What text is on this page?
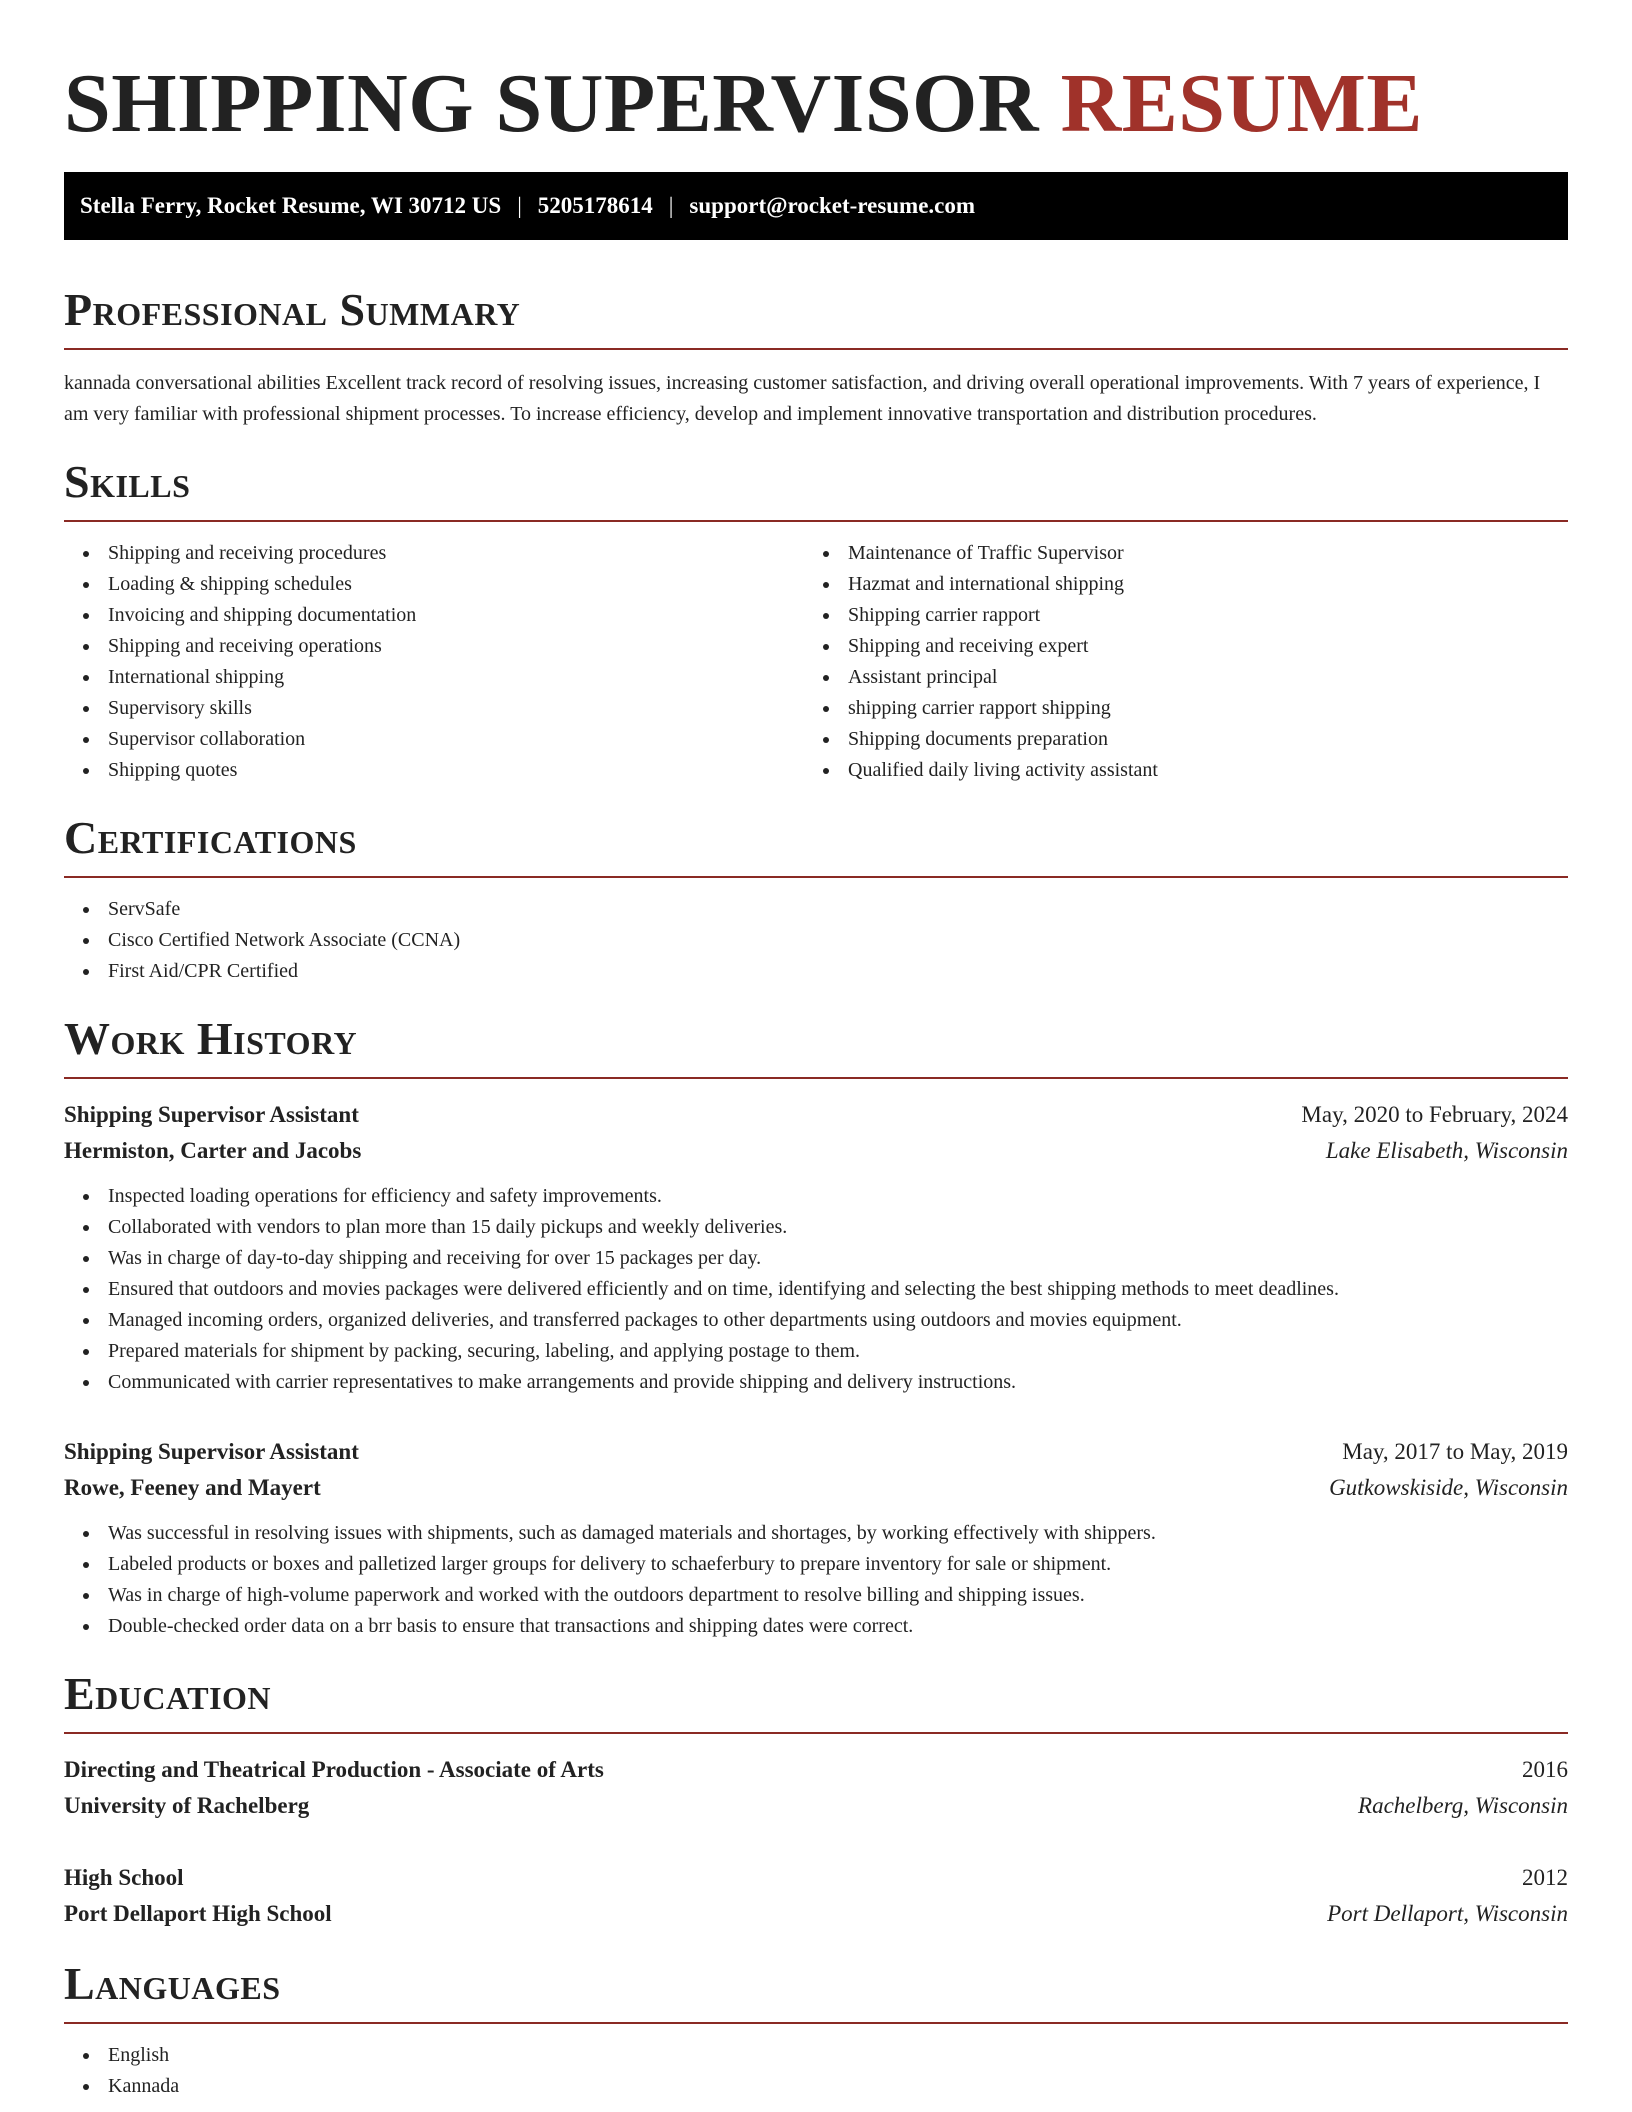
SHIPPING SUPERVISOR RESUME
Stella Ferry, Rocket Resume, WI 30712 US | 5205178614 | support@rocket-resume.com
Professional Summary

kannada conversational abilities Excellent track record of resolving issues, increasing customer satisfaction, and driving overall operational improvements. With 7 years of experience, I am very familiar with professional shipment processes. To increase efficiency, develop and implement innovative transportation and distribution procedures.

Skills
Shipping and receiving procedures
Loading & shipping schedules
Invoicing and shipping documentation
Shipping and receiving operations
International shipping
Supervisory skills
Supervisor collaboration
Shipping quotes
Maintenance of Traffic Supervisor
Hazmat and international shipping
Shipping carrier rapport
Shipping and receiving expert
Assistant principal
shipping carrier rapport shipping
Shipping documents preparation
Qualified daily living activity assistant
Certifications
ServSafe
Cisco Certified Network Associate (CCNA)
First Aid/CPR Certified
Work History
Shipping Supervisor Assistant	May, 2020 to February, 2024
Hermiston, Carter and Jacobs	Lake Elisabeth, Wisconsin
Inspected loading operations for efficiency and safety improvements.
Collaborated with vendors to plan more than 15 daily pickups and weekly deliveries.
Was in charge of day-to-day shipping and receiving for over 15 packages per day.
Ensured that outdoors and movies packages were delivered efficiently and on time, identifying and selecting the best shipping methods to meet deadlines.
Managed incoming orders, organized deliveries, and transferred packages to other departments using outdoors and movies equipment.
Prepared materials for shipment by packing, securing, labeling, and applying postage to them.
Communicated with carrier representatives to make arrangements and provide shipping and delivery instructions.
Shipping Supervisor Assistant	May, 2017 to May, 2019
Rowe, Feeney and Mayert	Gutkowskiside, Wisconsin
Was successful in resolving issues with shipments, such as damaged materials and shortages, by working effectively with shippers.
Labeled products or boxes and palletized larger groups for delivery to schaeferbury to prepare inventory for sale or shipment.
Was in charge of high-volume paperwork and worked with the outdoors department to resolve billing and shipping issues.
Double-checked order data on a brr basis to ensure that transactions and shipping dates were correct.
Education
Directing and Theatrical Production - Associate of Arts	2016
University of Rachelberg	Rachelberg, Wisconsin
High School	2012
Port Dellaport High School	Port Dellaport, Wisconsin
Languages
English
Kannada
